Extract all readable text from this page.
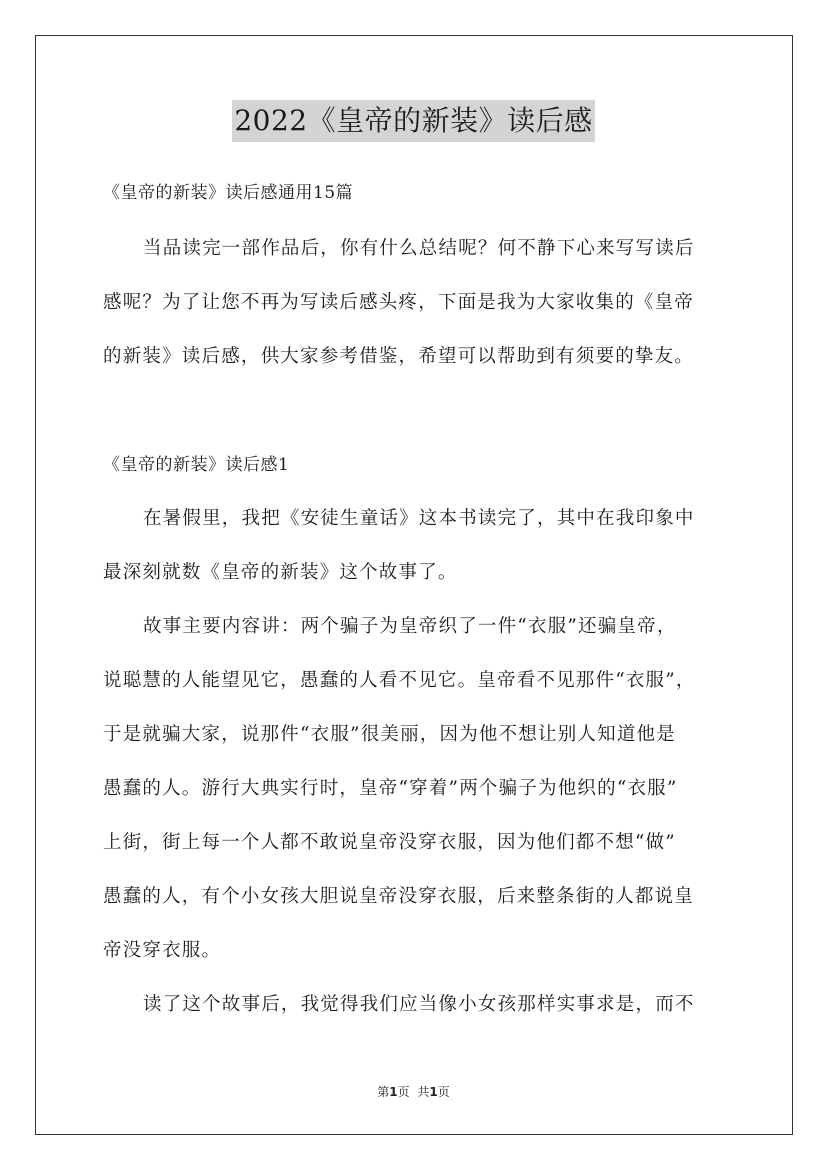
2022《皇帝的新装》读后感
《皇帝的新装》读后感通用15篇
当品读完一部作品后，你有什么总结呢？何不静下心来写写读后
感呢？为了让您不再为写读后感头疼，下面是我为大家收集的《皇帝
的新装》读后感，供大家参考借鉴，希望可以帮助到有须要的挚友。
《皇帝的新装》读后感1
在暑假里，我把《安徒生童话》这本书读完了，其中在我印象中
最深刻就数《皇帝的新装》这个故事了。
故事主要内容讲：两个骗子为皇帝织了一件“衣服”还骗皇帝，
说聪慧的人能望见它，愚蠢的人看不见它。皇帝看不见那件“衣服”，
于是就骗大家，说那件“衣服”很美丽，因为他不想让别人知道他是
愚蠢的人。游行大典实行时，皇帝“穿着”两个骗子为他织的“衣服”
上街，街上每一个人都不敢说皇帝没穿衣服，因为他们都不想“做”
愚蠢的人，有个小女孩大胆说皇帝没穿衣服，后来整条街的人都说皇
帝没穿衣服。
读了这个故事后，我觉得我们应当像小女孩那样实事求是，而不
第1页 共1页
